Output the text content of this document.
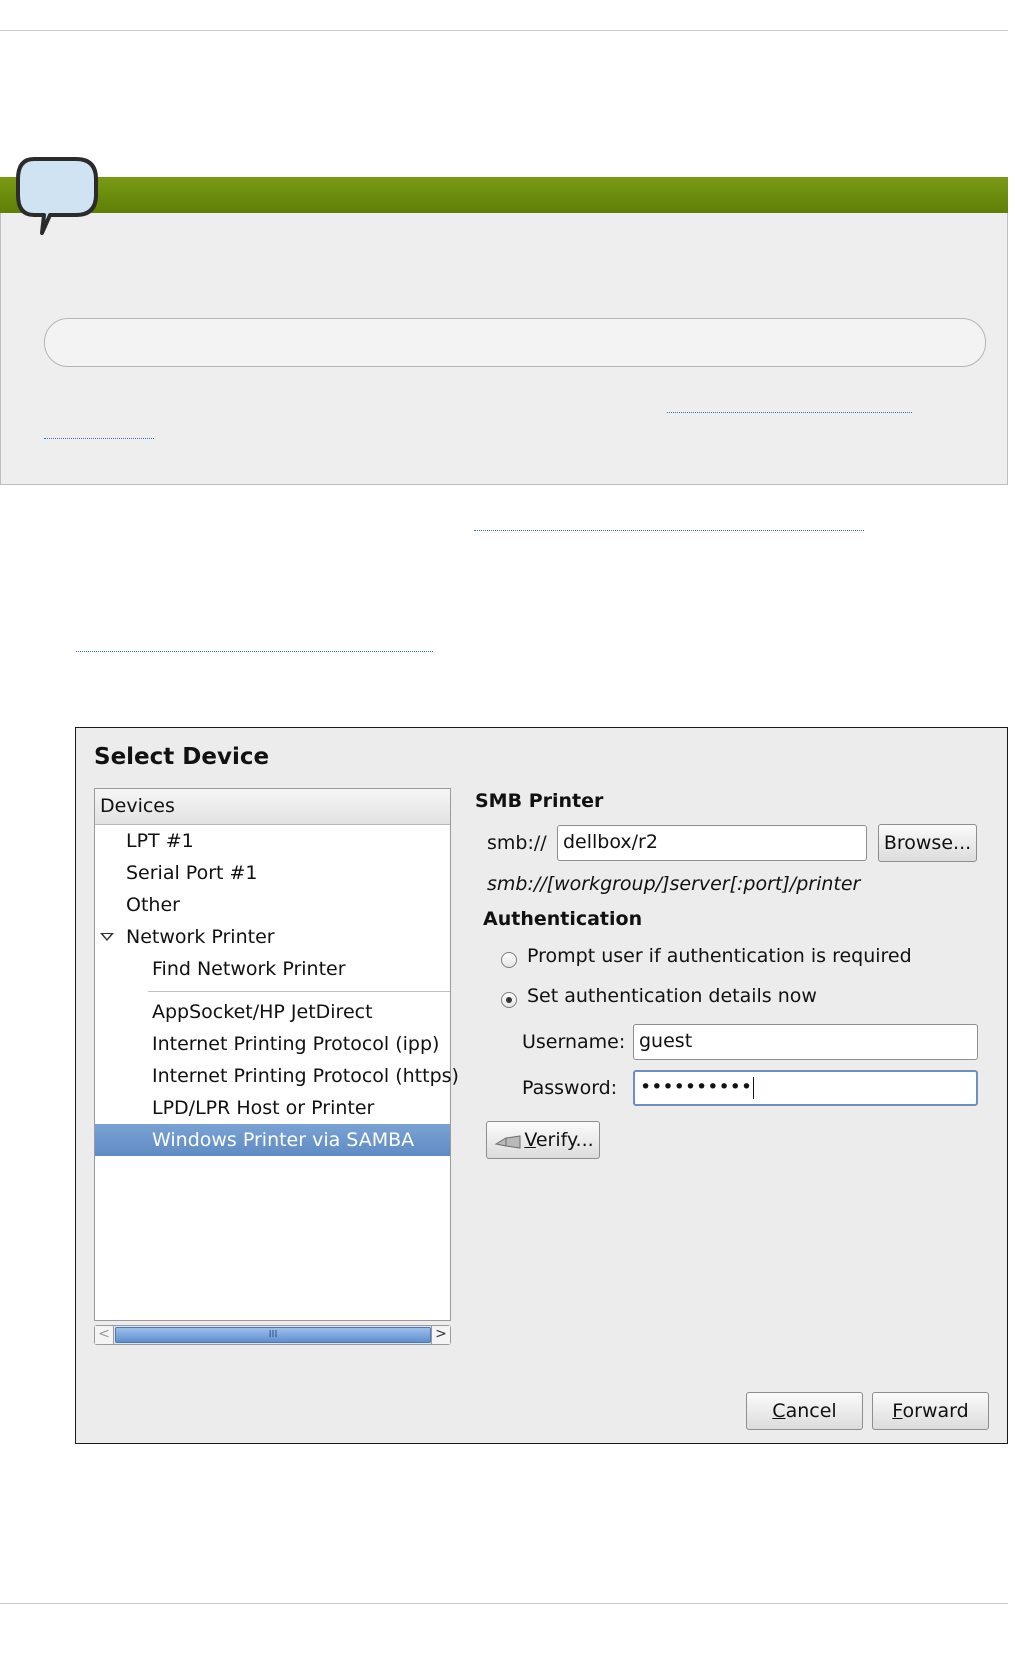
Select Device
Devices
LPT #1
Serial Port #1
Other
Network Printer
Find Network Printer
AppSocket/HP JetDirect
Internet Printing Protocol (ipp)
Internet Printing Protocol (https)
LPD/LPR Host or Printer
Windows Printer via SAMBA
<	III	>
SMB Printer
smb:// dellbox/r2	Browse...
smb://[workgroup/]server[:port]/printer
Authentication
Prompt user if authentication is required
Set authentication details now
Username: guest
Password:	••••••••••
Verify...
Cancel	Forward
